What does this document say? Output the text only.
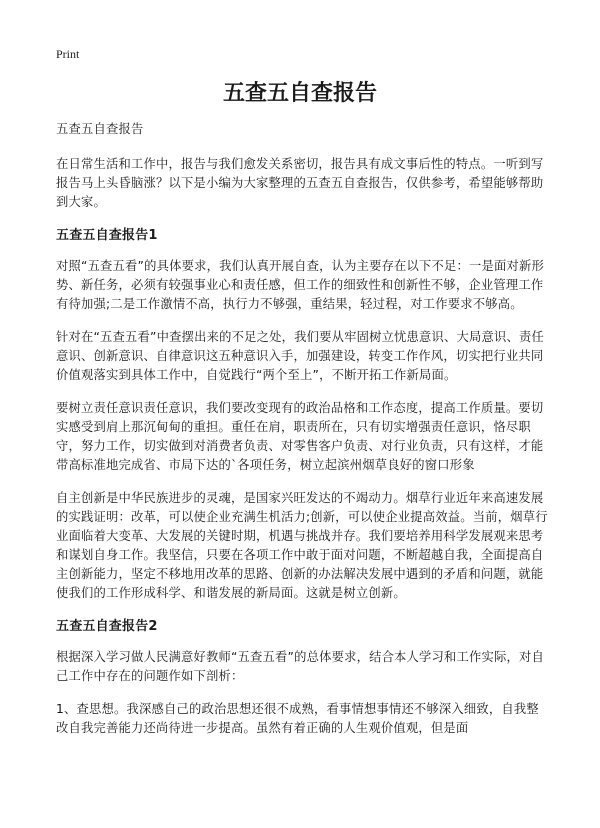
Print
五查五自查报告

五查五自查报告

在日常生活和工作中，报告与我们愈发关系密切，报告具有成文事后性的特点。一听到写报告马上头昏脑涨？以下是小编为大家整理的五查五自查报告，仅供参考，希望能够帮助到大家。

五查五自查报告1

对照“五查五看”的具体要求，我们认真开展自查，认为主要存在以下不足：一是面对新形势、新任务，必须有较强事业心和责任感，但工作的细致性和创新性不够，企业管理工作有待加强;二是工作激情不高，执行力不够强，重结果，轻过程，对工作要求不够高。

针对在“五查五看”中查摆出来的不足之处，我们要从牢固树立忧患意识、大局意识、责任意识、创新意识、自律意识这五种意识入手，加强建设，转变工作作风，切实把行业共同价值观落实到具体工作中，自觉践行“两个至上”，不断开拓工作新局面。

要树立责任意识责任意识，我们要改变现有的政治品格和工作态度，提高工作质量。要切实感受到肩上那沉甸甸的重担。重任在肩，职责所在，只有切实增强责任意识，恪尽职守，努力工作，切实做到对消费者负责、对零售客户负责、对行业负责，只有这样，才能带高标准地完成省、市局下达的`各项任务，树立起滨州烟草良好的窗口形象

自主创新是中华民族进步的灵魂，是国家兴旺发达的不竭动力。烟草行业近年来高速发展的实践证明：改革，可以使企业充满生机活力;创新，可以使企业提高效益。当前，烟草行业面临着大变革、大发展的关键时期，机遇与挑战并存。我们要培养用科学发展观来思考和谋划自身工作。我坚信，只要在各项工作中敢于面对问题，不断超越自我，全面提高自主创新能力，坚定不移地用改革的思路、创新的办法解决发展中遇到的矛盾和问题，就能使我们的工作形成科学、和谐发展的新局面。这就是树立创新。

五查五自查报告2

根据深入学习做人民满意好教师“五查五看”的总体要求，结合本人学习和工作实际，对自己工作中存在的问题作如下剖析：

1、查思想。我深感自己的政治思想还很不成熟，看事情想事情还不够深入细致，自我整改自我完善能力还尚待进一步提高。虽然有着正确的人生观价值观，但是面
